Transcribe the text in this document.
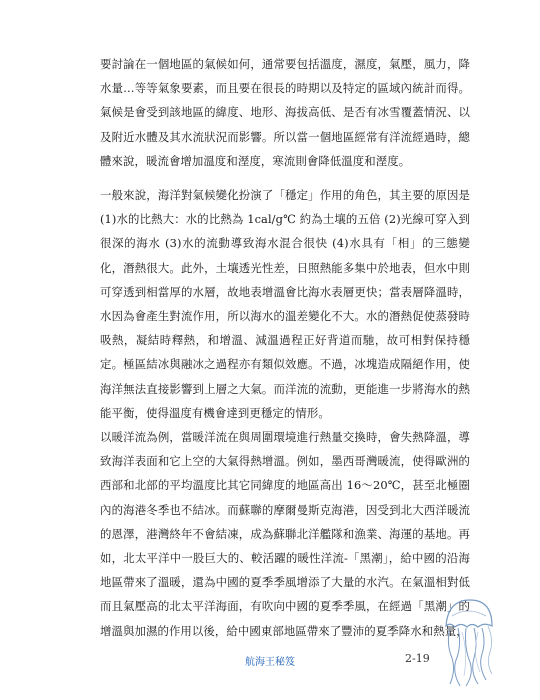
要討論在一個地區的氣候如何，通常要包括溫度，濕度，氣壓，風力，降水量…等等氣象要素，而且要在很長的時期以及特定的區域內統計而得。氣候是會受到該地區的緯度、地形、海拔高低、是否有冰雪覆蓋情況、以及附近水體及其水流狀況而影響。所以當一個地區經常有洋流經過時，總體來說，暖流會增加溫度和溼度，寒流則會降低溫度和溼度。

一般來說，海洋對氣候變化扮演了「穩定」作用的角色，其主要的原因是 (1)水的比熱大：水的比熱為 1cal/g℃ 約為土壤的五倍 (2)光線可穿入到很深的海水 (3)水的流動導致海水混合很快 (4)水具有「相」的三態變化，潛熱很大。此外，土壤透光性差，日照熱能多集中於地表，但水中則可穿透到相當厚的水層，故地表增溫會比海水表層更快；當表層降溫時，水因為會產生對流作用，所以海水的溫差變化不大。水的潛熱促使蒸發時吸熱，凝結時釋熱，和增溫、減溫過程正好背道而馳，故可相對保持穩定。極區結冰與融冰之過程亦有類似效應。不過，冰塊造成隔絕作用，使海洋無法直接影響到上層之大氣。而洋流的流動，更能進一步將海水的熱能平衡，使得溫度有機會達到更穩定的情形。

以暖洋流為例，當暖洋流在與周圍環境進行熱量交換時，會失熱降溫，導致海洋表面和它上空的大氣得熱增溫。例如，墨西哥灣暖流，使得歐洲的西部和北部的平均溫度比其它同緯度的地區高出 16～20℃，甚至北極圈內的海港冬季也不結冰。而蘇聯的摩爾曼斯克海港，因受到北大西洋暖流的恩澤，港灣終年不會結凍，成為蘇聯北洋艦隊和漁業、海運的基地。再如，北太平洋中一股巨大的、較活躍的暖性洋流-「黑潮」，給中國的沿海地區帶來了溫暖，還為中國的夏季季風增添了大量的水汽。在氣溫相對低而且氣壓高的北太平洋海面，有吹向中國的夏季季風，在經過「黑潮」的增溫與加濕的作用以後，給中國東部地區帶來了豐沛的夏季降水和熱量，

航海王秘笈	2-19
